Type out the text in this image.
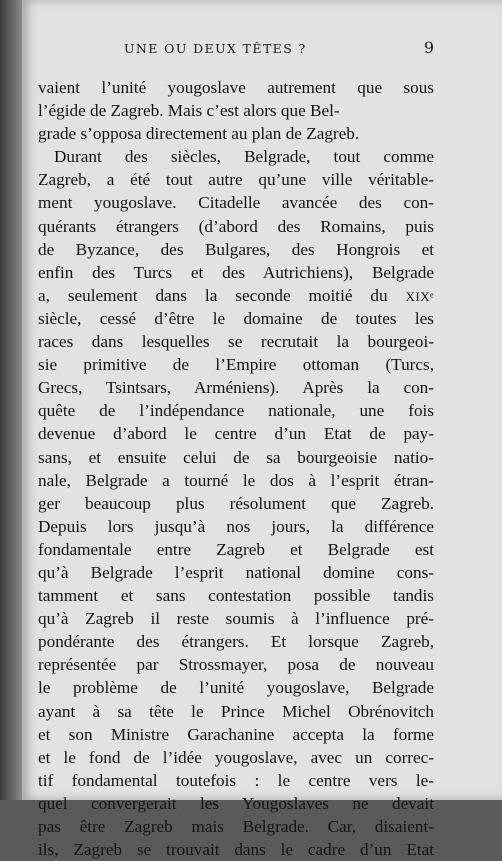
UNE OU DEUX TÊTES ?	9
vaient l’unité yougoslave autrement que sous
l’égide de Zagreb. Mais c’est alors que Bel-
grade s’opposa directement au plan de Zagreb.
Durant des siècles, Belgrade, tout comme
Zagreb, a été tout autre qu’une ville véritable-
ment yougoslave. Citadelle avancée des con-
quérants étrangers (d’abord des Romains, puis
de Byzance, des Bulgares, des Hongrois et
enfin des Turcs et des Autrichiens), Belgrade
a, seulement dans la seconde moitié du XIXᵉ
siècle, cessé d’être le domaine de toutes les
races dans lesquelles se recrutait la bourgeoi-
sie primitive de l’Empire ottoman (Turcs,
Grecs, Tsintsars, Arméniens). Après la con-
quête de l’indépendance nationale, une fois
devenue d’abord le centre d’un Etat de pay-
sans, et ensuite celui de sa bourgeoisie natio-
nale, Belgrade a tourné le dos à l’esprit étran-
ger beaucoup plus résolument que Zagreb.
Depuis lors jusqu’à nos jours, la différence
fondamentale entre Zagreb et Belgrade est
qu’à Belgrade l’esprit national domine cons-
tamment et sans contestation possible tandis
qu’à Zagreb il reste soumis à l’influence pré-
pondérante des étrangers. Et lorsque Zagreb,
représentée par Strossmayer, posa de nouveau
le problème de l’unité yougoslave, Belgrade
ayant à sa tête le Prince Michel Obrénovitch
et son Ministre Garachanine accepta la forme
et le fond de l’idée yougoslave, avec un correc-
tif fondamental toutefois : le centre vers le-
quel convergerait les Yougoslaves ne devait
pas être Zagreb mais Belgrade. Car, disaient-
ils, Zagreb se trouvait dans le cadre d’un Etat
